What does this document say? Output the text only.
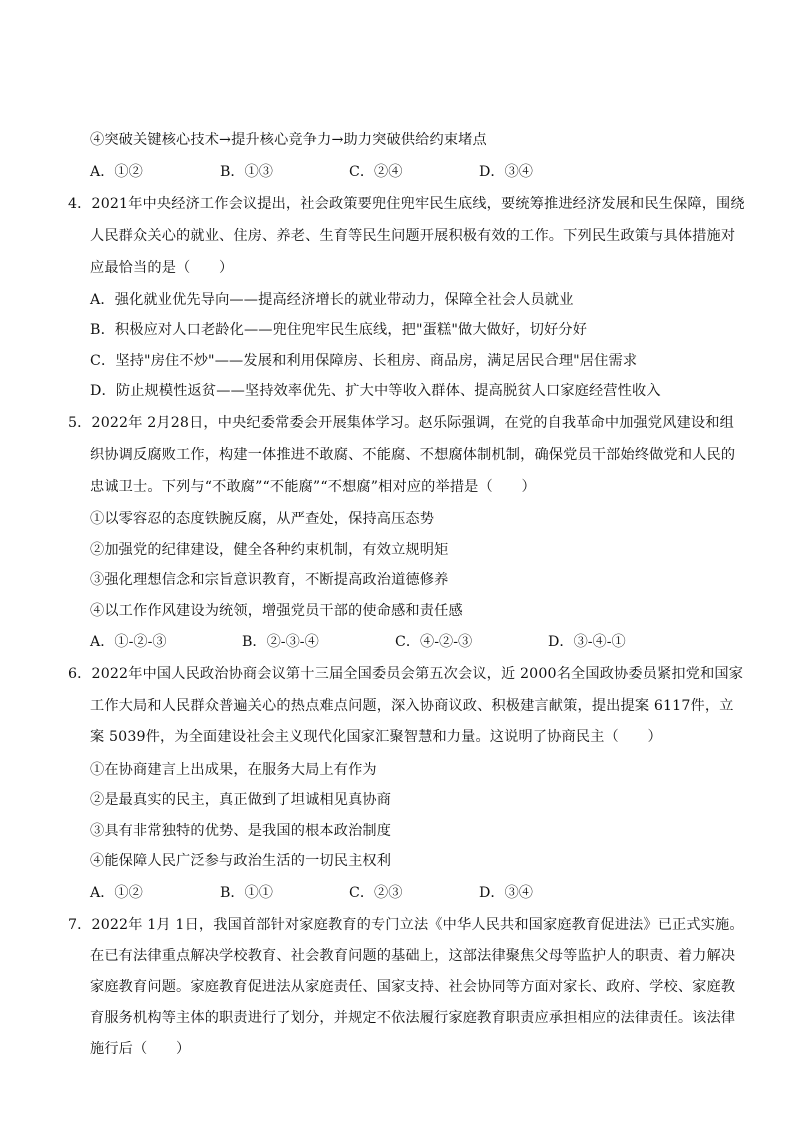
④突破关键核心技术→提升核心竞争力→助力突破供给约束堵点
A．①②	B．①③	C．②④	D．③④
4．2021年中央经济工作会议提出，社会政策要兜住兜牢民生底线，要统筹推进经济发展和民生保障，围绕
人民群众关心的就业、住房、养老、生育等民生问题开展积极有效的工作。下列民生政策与具体措施对
应最恰当的是（　　）
A．强化就业优先导向——提高经济增长的就业带动力，保障全社会人员就业
B．积极应对人口老龄化——兜住兜牢民生底线，把"蛋糕"做大做好，切好分好
C．坚持"房住不炒"——发展和利用保障房、长租房、商品房，满足居民合理"居住需求
D．防止规模性返贫——坚持效率优先、扩大中等收入群体、提高脱贫人口家庭经营性收入
5．2022年 2月28日，中央纪委常委会开展集体学习。赵乐际强调，在党的自我革命中加强党风建设和组
织协调反腐败工作，构建一体推进不敢腐、不能腐、不想腐体制机制，确保党员干部始终做党和人民的
忠诚卫士。下列与“不敢腐”“不能腐”“不想腐”相对应的举措是（　　）
①以零容忍的态度铁腕反腐，从严查处，保持高压态势
②加强党的纪律建设，健全各种约束机制，有效立规明矩
③强化理想信念和宗旨意识教育，不断提高政治道德修养
④以工作作风建设为统领，增强党员干部的使命感和责任感
A．①-②-③	B．②-③-④	C．④-②-③	D．③-④-①
6．2022年中国人民政治协商会议第十三届全国委员会第五次会议，近 2000名全国政协委员紧扣党和国家
工作大局和人民群众普遍关心的热点难点问题，深入协商议政、积极建言献策，提出提案 6117件，立
案 5039件，为全面建设社会主义现代化国家汇聚智慧和力量。这说明了协商民主（　　）
①在协商建言上出成果，在服务大局上有作为
②是最真实的民主，真正做到了坦诚相见真协商
③具有非常独特的优势、是我国的根本政治制度
④能保障人民广泛参与政治生活的一切民主权利
A．①②	B．①①	C．②③	D．③④
7．2022年 1月 1日，我国首部针对家庭教育的专门立法《中华人民共和国家庭教育促进法》已正式实施。
在已有法律重点解决学校教育、社会教育问题的基础上，这部法律聚焦父母等监护人的职责、着力解决
家庭教育问题。家庭教育促进法从家庭责任、国家支持、社会协同等方面对家长、政府、学校、家庭教
育服务机构等主体的职责进行了划分，并规定不依法履行家庭教育职责应承担相应的法律责任。该法律
施行后（　　）
